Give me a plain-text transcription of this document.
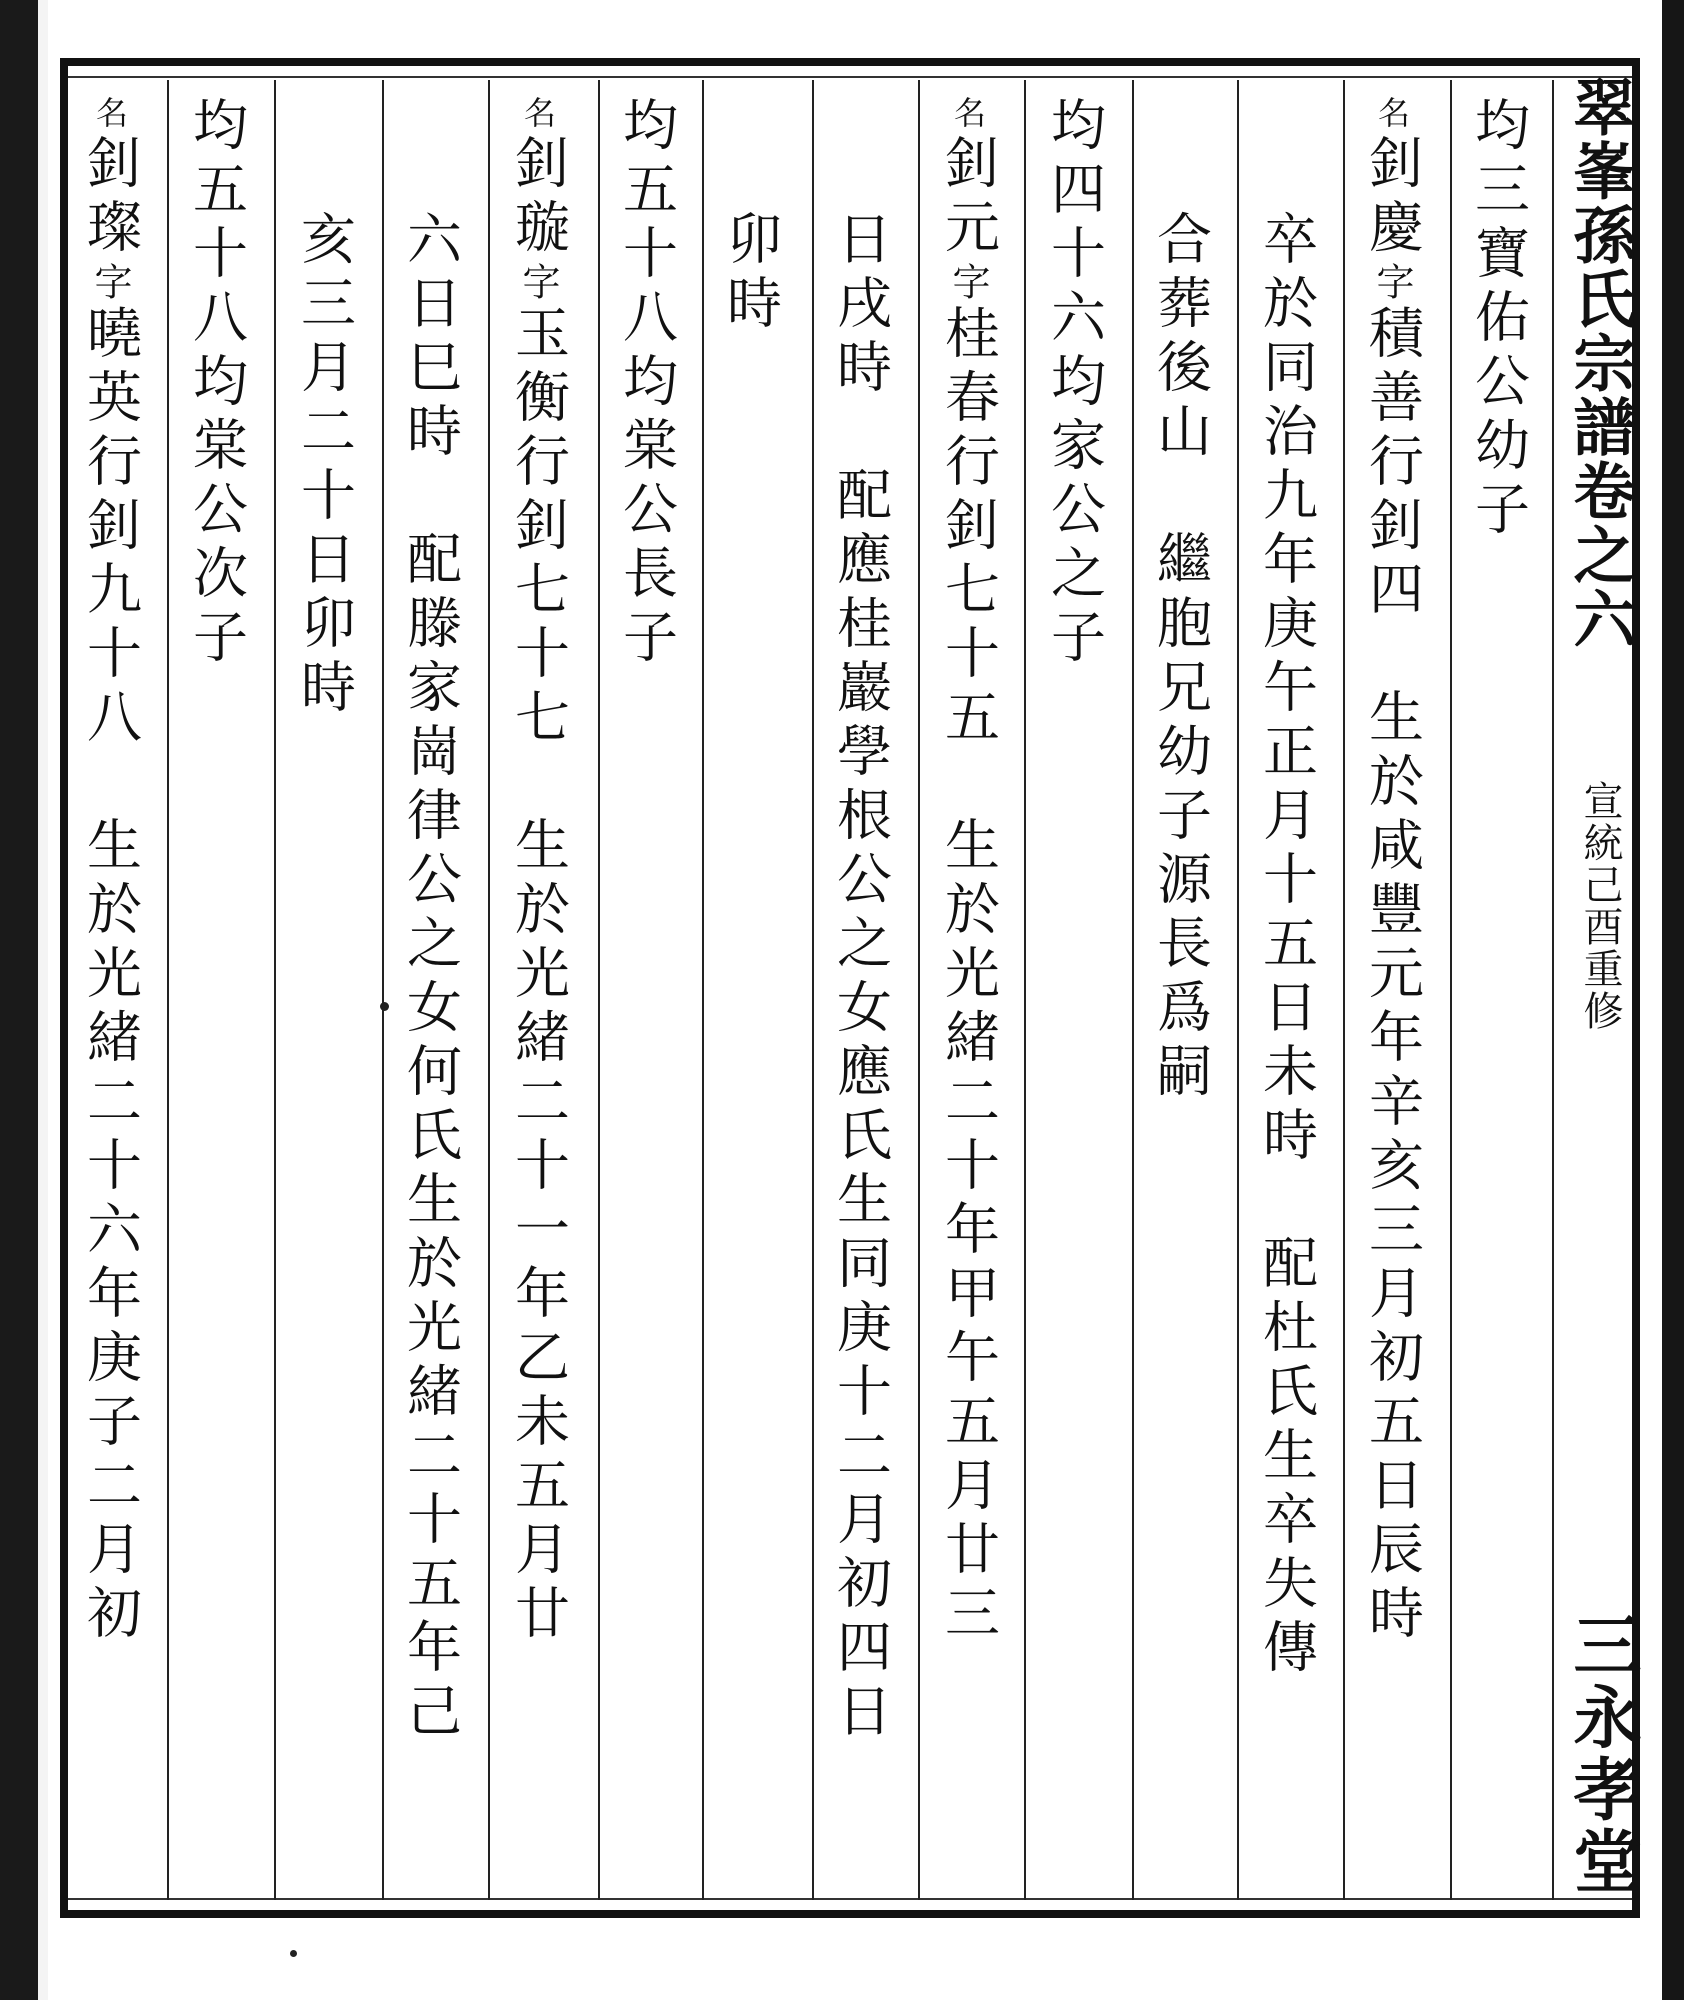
翠峯孫氏宗譜卷之六
宣統己酉重修
三永孝堂
均三寶佑公幼子
名釗慶字積善行釗四　生於咸豐元年辛亥三月初五日辰時
卒於同治九年庚午正月十五日未時　配杜氏生卒失傳
合葬後山　繼胞兄幼子源長爲嗣
均四十六均家公之子
名釗元字桂春行釗七十五　生於光緒二十年甲午五月廿三
日戌時　配應桂巖學根公之女應氏生同庚十二月初四日
卯時
均五十八均棠公長子
名釗璇字玉衡行釗七十七　生於光緒二十一年乙未五月廿
六日巳時　配滕家崗律公之女何氏生於光緒二十五年己
亥三月二十日卯時
均五十八均棠公次子
名釗璨字曉英行釗九十八　生於光緒二十六年庚子二月初
